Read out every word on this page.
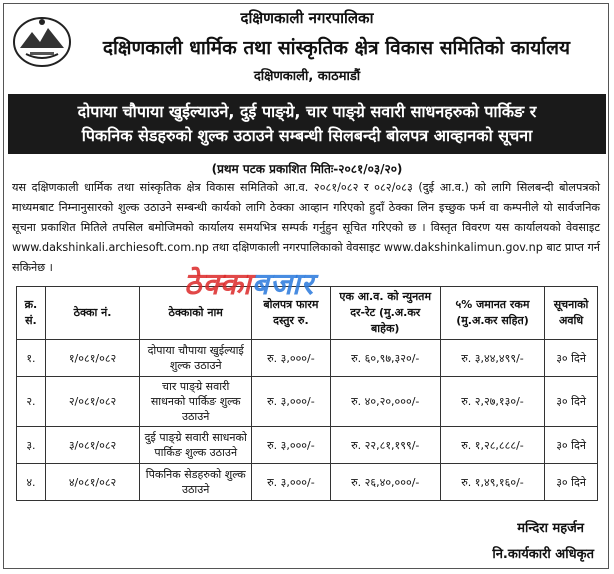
दक्षिणकाली नगरपालिका
दक्षिणकाली धार्मिक तथा सांस्कृतिक क्षेत्र विकास समितिको कार्यालय
दक्षिणकाली, काठमाडौं
दोपाया चौपाया खुईल्याउने, दुई पाङ्ग्रे, चार पाङ्ग्रे सवारी साधनहरुको पार्किङ र
पिकनिक सेडहरुको शुल्क उठाउने सम्बन्धी सिलबन्दी बोलपत्र आव्हानको सूचना
(प्रथम पटक प्रकाशित मितिः-२०८१/०३/२०)
यस दक्षिणकाली धार्मिक तथा सांस्कृतिक क्षेत्र विकास समितिको आ.व. २०८१/०८२ र ०८२/०८३ (दुई आ.व.) को लागि सिलबन्दी बोलपत्रको माध्यमबाट निम्नानुसारको शुल्क उठाउने सम्बन्धी कार्यको लागि ठेक्का आव्हान गरिएको हुदाँ ठेक्का लिन इच्छुक फर्म वा कम्पनीले यो सार्वजनिक सूचना प्रकाशित मितिले तपसिल बमोजिमको कार्यालय समयभित्र सम्पर्क गर्नुहुन सूचित गरिएको छ । विस्तृत विवरण यस कार्यालयको वेवसाइट www.dakshinkali.archiesoft.com.np तथा दक्षिणकाली नगरपालिकाको वेवसाइट www.dakshinkalimun.gov.np बाट प्राप्त गर्न सकिनेछ ।
क्र. सं.	ठेक्का नं.	ठेक्काको नाम	बोलपत्र फारम दस्तुर रु.	एक आ.व. को न्युनतम दर-रेट (मु.अ.कर बाहेक)	५% जमानत रकम (मु.अ.कर सहित)	सूचनाको अवधि
१.	१/०८१/०८२	दोपाया चौपाया खुईल्याई शुल्क उठाउने	रु. ३,०००/-	रु. ६०,९७,३२०/-	रु. ३,४४,४९९/-	३० दिने
२.	२/०८१/०८२	चार पाङ्ग्रे सवारी साधनको पार्किङ शुल्क उठाउने	रु. ३,०००/-	रु. ४०,२०,०००/-	रु. २,२७,१३०/-	३० दिने
३.	३/०८१/०८२	दुई पाङ्ग्रे सवारी साधनको पार्किङ शुल्क उठाउने	रु. ३,०००/-	रु. २२,८१,१९९/-	रु. १,२८,८८८/-	३० दिने
४.	४/०८१/०८२	पिकनिक सेडहरुको शुल्क उठाउने	रु. ३,०००/-	रु. २६,४०,०००/-	रु. १,४९,१६०/-	३० दिने
ठेक्काबजार
मन्दिरा महर्जन
नि.कार्यकारी अधिकृत
